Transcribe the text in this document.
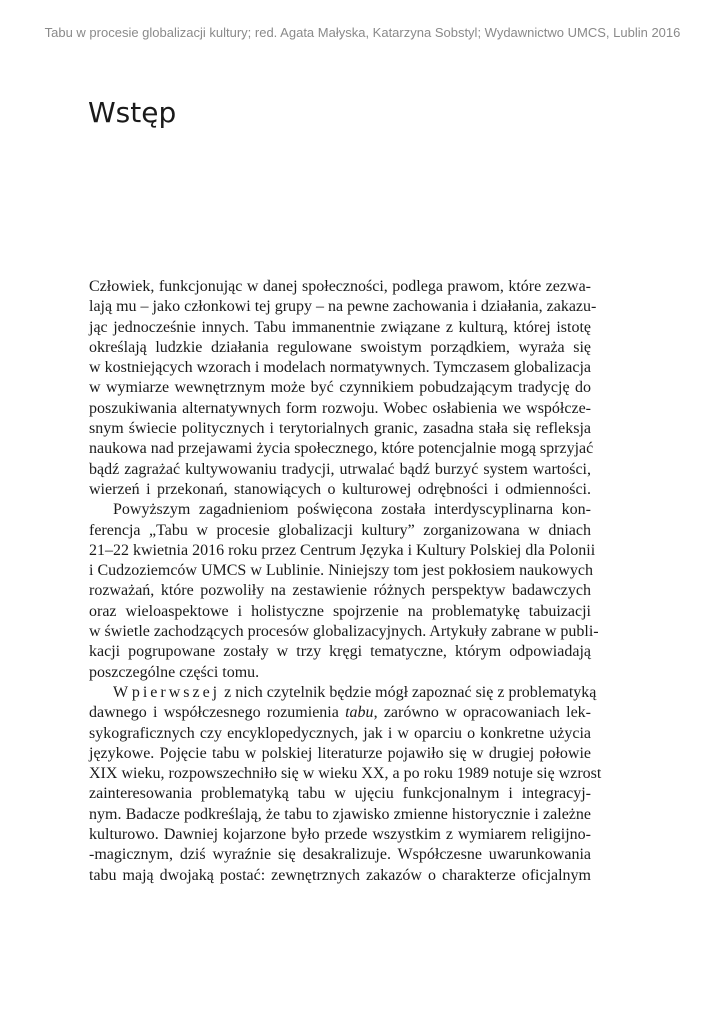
Tabu w procesie globalizacji kultury; red. Agata Małyska, Katarzyna Sobstyl; Wydawnictwo UMCS, Lublin 2016
Wstęp
Człowiek, funkcjonując w danej społeczności, podlega prawom, które zezwa-
lają mu – jako członkowi tej grupy – na pewne zachowania i działania, zakazu-
jąc jednocześnie innych. Tabu immanentnie związane z kulturą, której istotę
określają ludzkie działania regulowane swoistym porządkiem, wyraża się
w kostniejących wzorach i modelach normatywnych. Tymczasem globalizacja
w wymiarze wewnętrznym może być czynnikiem pobudzającym tradycję do
poszukiwania alternatywnych form rozwoju. Wobec osłabienia we współcze-
snym świecie politycznych i terytorialnych granic, zasadna stała się refleksja
naukowa nad przejawami życia społecznego, które potencjalnie mogą sprzyjać
bądź zagrażać kultywowaniu tradycji, utrwalać bądź burzyć system wartości,
wierzeń i przekonań, stanowiących o kulturowej odrębności i odmienności.
Powyższym zagadnieniom poświęcona została interdyscyplinarna kon-
ferencja „Tabu w procesie globalizacji kultury” zorganizowana w dniach
21–22 kwietnia 2016 roku przez Centrum Języka i Kultury Polskiej dla Polonii
i Cudzoziemców UMCS w Lublinie. Niniejszy tom jest pokłosiem naukowych
rozważań, które pozwoliły na zestawienie różnych perspektyw badawczych
oraz wieloaspektowe i holistyczne spojrzenie na problematykę tabuizacji
w świetle zachodzących procesów globalizacyjnych. Artykuły zabrane w publi-
kacji pogrupowane zostały w trzy kręgi tematyczne, którym odpowiadają
poszczególne części tomu.
W pierwszej z nich czytelnik będzie mógł zapoznać się z problematyką
dawnego i współczesnego rozumienia tabu, zarówno w opracowaniach lek-
sykograficznych czy encyklopedycznych, jak i w oparciu o konkretne użycia
językowe. Pojęcie tabu w polskiej literaturze pojawiło się w drugiej połowie
XIX wieku, rozpowszechniło się w wieku XX, a po roku 1989 notuje się wzrost
zainteresowania problematyką tabu w ujęciu funkcjonalnym i integracyj-
nym. Badacze podkreślają, że tabu to zjawisko zmienne historycznie i zależne
kulturowo. Dawniej kojarzone było przede wszystkim z wymiarem religijno-
-magicznym, dziś wyraźnie się desakralizuje. Współczesne uwarunkowania
tabu mają dwojaką postać: zewnętrznych zakazów o charakterze oficjalnym
